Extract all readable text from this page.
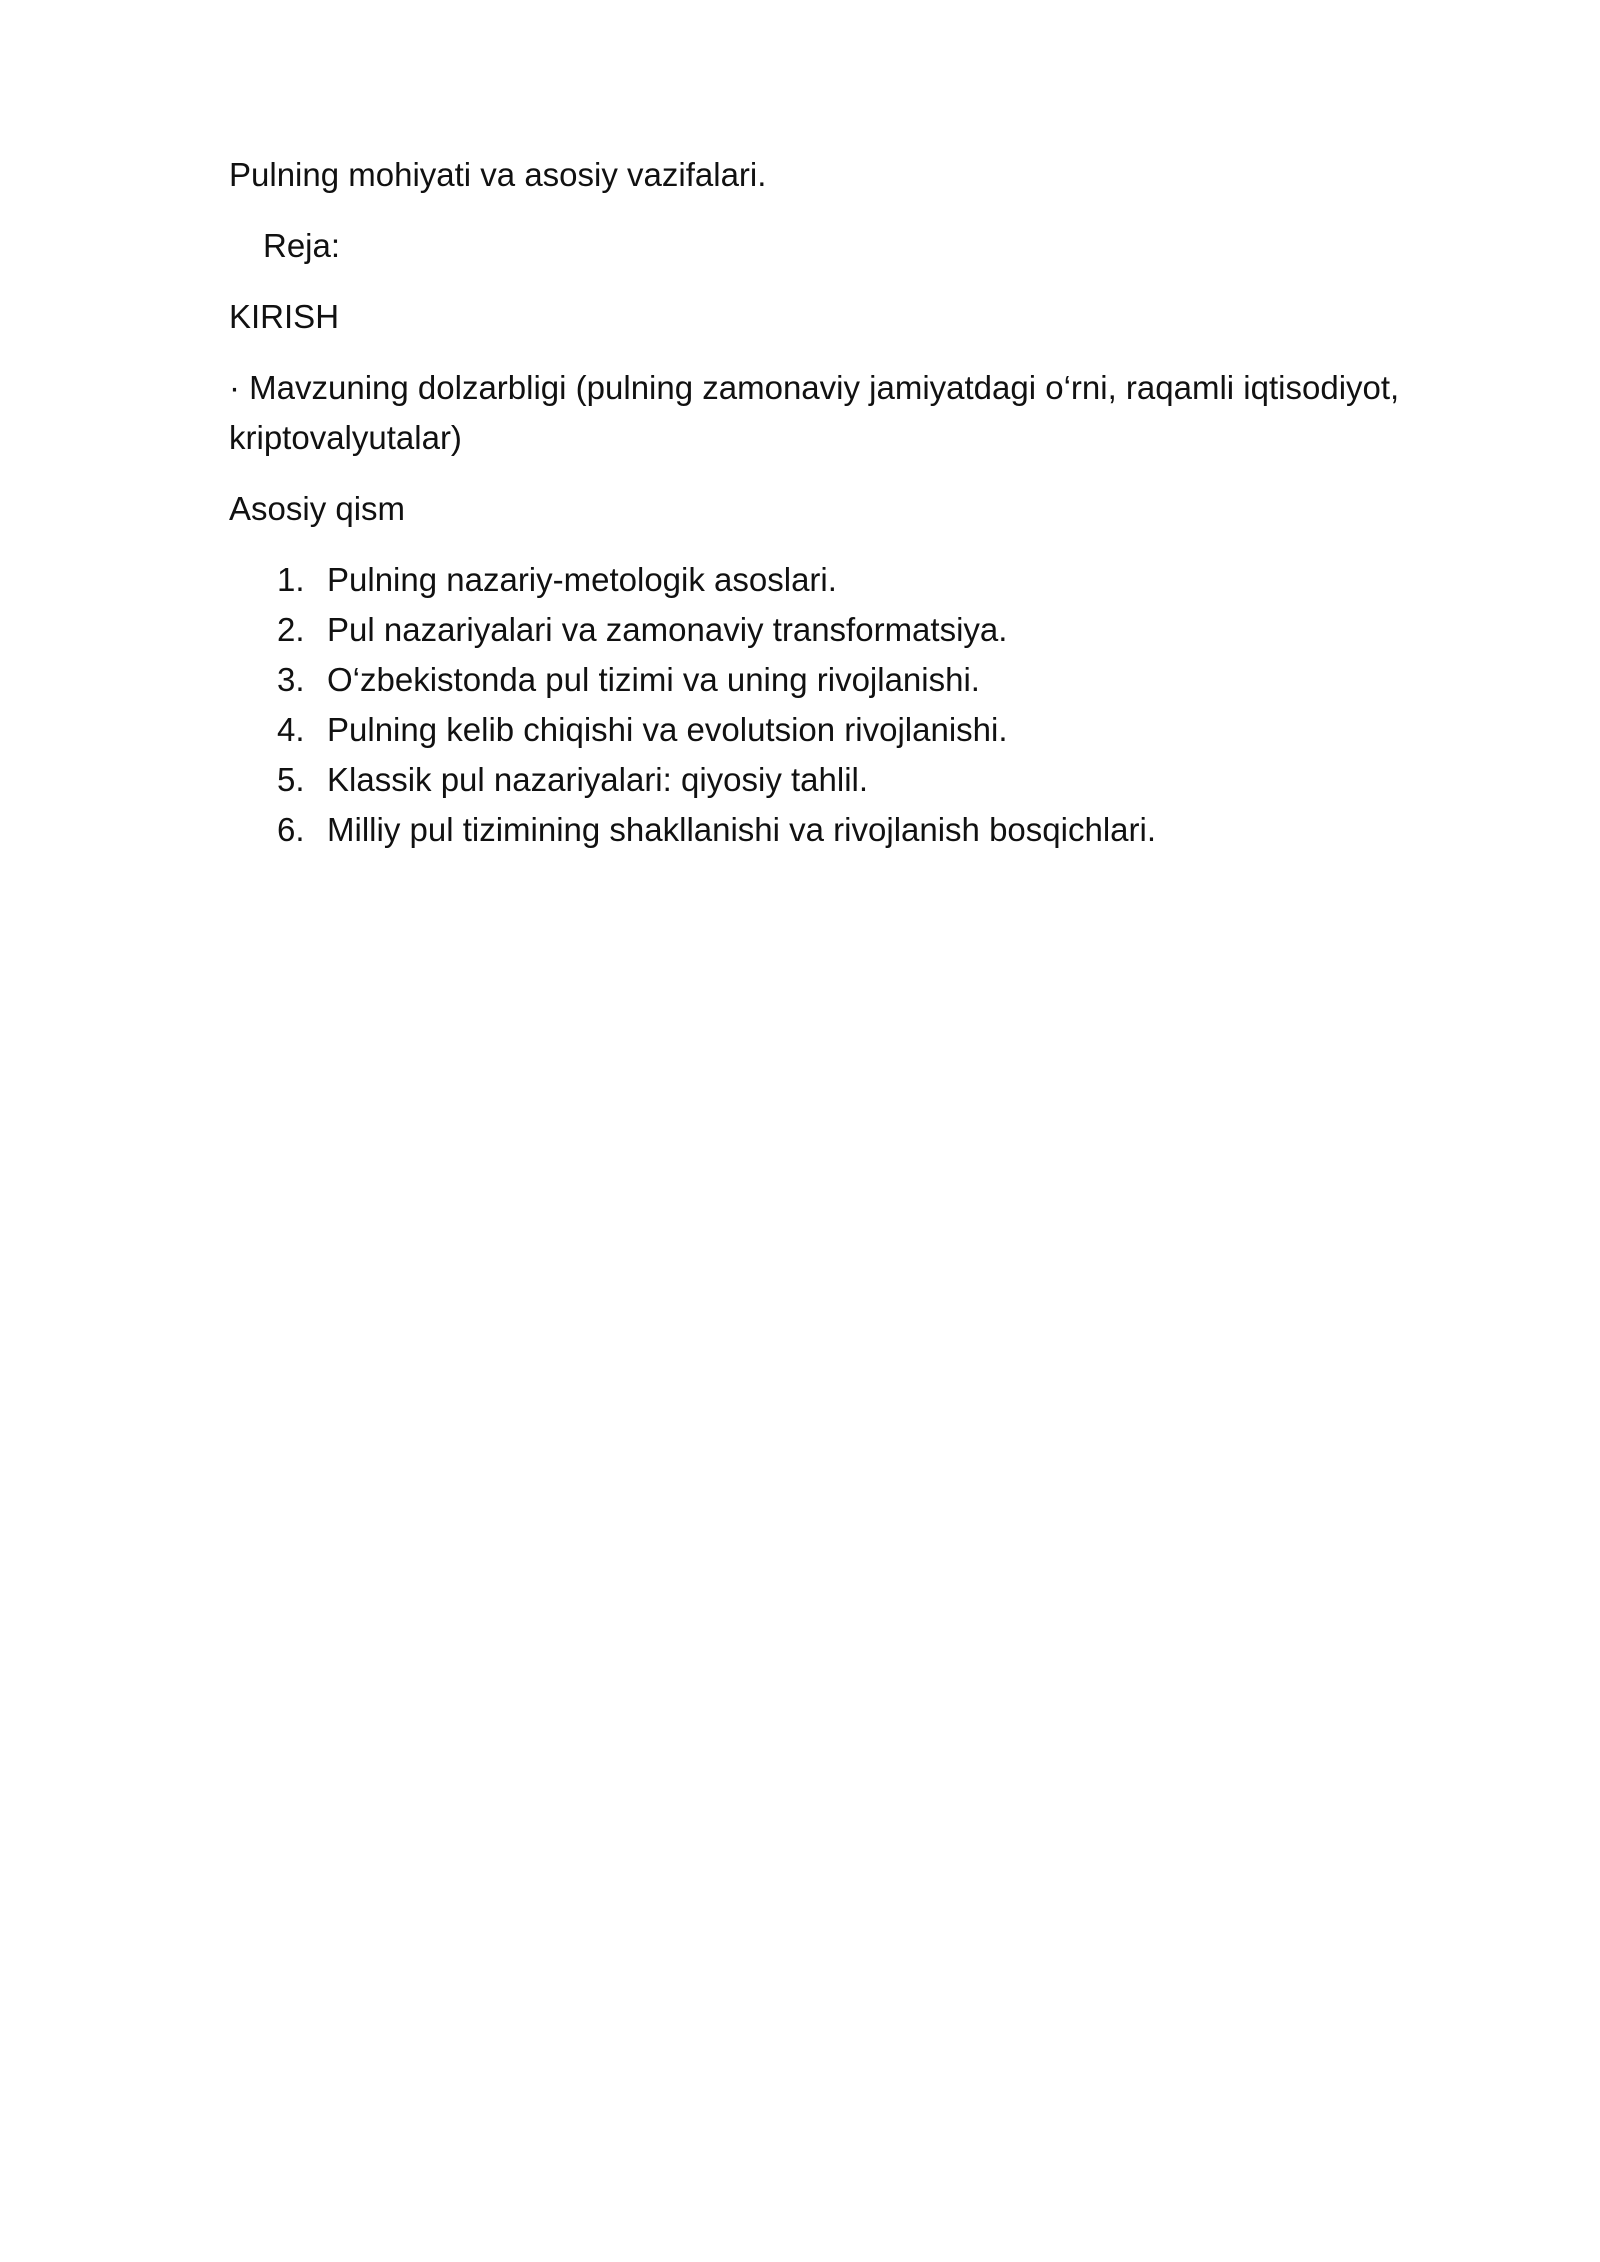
Pulning mohiyati va asosiy vazifalari.

Reja:

KIRISH

· Mavzuning dolzarbligi (pulning zamonaviy jamiyatdagi o‘rni, raqamli iqtisodiyot, kriptovalyutalar)

Asosiy qism

1. Pulning nazariy-metologik asoslari.
2. Pul nazariyalari va zamonaviy transformatsiya.
3. O‘zbekistonda pul tizimi va uning rivojlanishi.
4. Pulning kelib chiqishi va evolutsion rivojlanishi.
5. Klassik pul nazariyalari: qiyosiy tahlil.
6. Milliy pul tizimining shakllanishi va rivojlanish bosqichlari.
